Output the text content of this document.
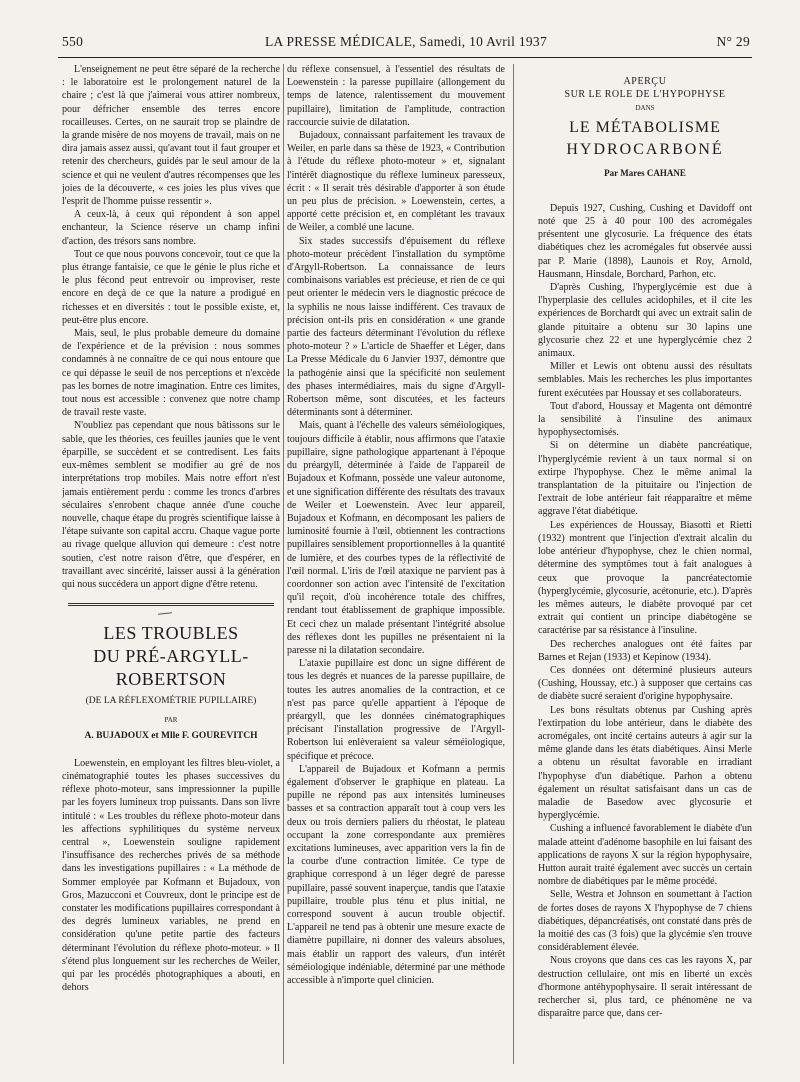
550	LA PRESSE MÉDICALE, Samedi, 10 Avril 1937	N° 29

L'enseignement ne peut être séparé de la recherche : le laboratoire est le prolongement naturel de la chaire ; c'est là que j'aimerai vous attirer nombreux, pour défricher ensemble des terres encore rocailleuses. Certes, on ne saurait trop se plaindre de la grande misère de nos moyens de travail, mais on ne dira jamais assez aussi, qu'avant tout il faut grouper et retenir des chercheurs, guidés par le seul amour de la science et qui ne veulent d'autres récompenses que les joies de la découverte, « ces joies les plus vives que l'esprit de l'homme puisse ressentir ».

A ceux-là, à ceux qui répondent à son appel enchanteur, la Science réserve un champ infini d'action, des trésors sans nombre.

Tout ce que nous pouvons concevoir, tout ce que la plus étrange fantaisie, ce que le génie le plus riche et le plus fécond peut entrevoir ou improviser, reste encore en deçà de ce que la nature a prodigué en richesses et en diversités : tout le possible existe, et, peut-être plus encore.

Mais, seul, le plus probable demeure du domaine de l'expérience et de la prévision : nous sommes condamnés à ne connaître de ce qui nous entoure que ce qui dépasse le seuil de nos perceptions et n'excède pas les bornes de notre imagination. Entre ces limites, tout nous est accessible : convenez que notre champ de travail reste vaste.

N'oubliez pas cependant que nous bâtissons sur le sable, que les théories, ces feuilles jaunies que le vent éparpille, se succèdent et se contredisent. Les faits eux-mêmes semblent se modifier au gré de nos interprétations trop mobiles. Mais notre effort n'est jamais entièrement perdu : comme les troncs d'arbres séculaires s'enrobent chaque année d'une couche nouvelle, chaque étape du progrès scientifique laisse à l'étape suivante son capital accru. Chaque vague porte au rivage quelque alluvion qui demeure : c'est notre soutien, c'est notre raison d'être, que d'espérer, en travaillant avec sincérité, laisser aussi à la génération qui nous succédera un apport digne d'être retenu.

LES TROUBLES
DU PRÉ-ARGYLL-ROBERTSON
(DE LA RÉFLEXOMÉTRIE PUPILLAIRE)
PAR
A. BUJADOUX et Mlle F. GOUREVITCH

Loewenstein, en employant les filtres bleu-violet, a cinématographié toutes les phases successives du réflexe photo-moteur, sans impressionner la pupille par les foyers lumineux trop puissants. Dans son livre intitulé : « Les troubles du réflexe photo-moteur dans les affections syphilitiques du système nerveux central », Loewenstein souligne rapidement l'insuffisance des recherches privés de sa méthode dans les investigations pupillaires : « La méthode de Sommer employée par Kofmann et Bujadoux, von Gros, Mazucconi et Couvreux, dont le principe est de constater les modifications pupillaires correspondant à des degrés lumineux variables, ne prend en considération qu'une petite partie des facteurs déterminant l'évolution du réflexe photo-moteur. » Il s'étend plus longuement sur les recherches de Weiler, qui par les procédés photographiques a abouti, en dehors

du réflexe consensuel, à l'essentiel des résultats de Loewenstein : la paresse pupillaire (allongement du temps de latence, ralentissement du mouvement pupillaire), limitation de l'amplitude, contraction raccourcie suivie de dilatation.

Bujadoux, connaissant parfaitement les travaux de Weiler, en parle dans sa thèse de 1923, « Contribution à l'étude du réflexe photo-moteur » et, signalant l'intérêt diagnostique du réflexe lumineux paresseux, écrit : « Il serait très désirable d'apporter à son étude un peu plus de précision. » Loewenstein, certes, a apporté cette précision et, en complétant les travaux de Weiler, a comblé une lacune.

Six stades successifs d'épuisement du réflexe photo-moteur précèdent l'installation du symptôme d'Argyll-Robertson. La connaissance de leurs combinaisons variables est précieuse, et rien de ce qui peut orienter le médecin vers le diagnostic précoce de la syphilis ne nous laisse indifférent. Ces travaux de précision ont-ils pris en considération « une grande partie des facteurs déterminant l'évolution du réflexe photo-moteur ? » L'article de Shaeffer et Léger, dans La Presse Médicale du 6 Janvier 1937, démontre que la pathogénie ainsi que la spécificité non seulement des phases intermédiaires, mais du signe d'Argyll-Robertson même, sont discutées, et les facteurs déterminants sont à déterminer.

Mais, quant à l'échelle des valeurs séméiologiques, toujours difficile à établir, nous affirmons que l'ataxie pupillaire, signe pathologique appartenant à l'époque du préargyll, déterminée à l'aide de l'appareil de Bujadoux et Kofmann, possède une valeur autonome, et une signification différente des résultats des travaux de Weiler et Loewenstein. Avec leur appareil, Bujadoux et Kofmann, en décomposant les paliers de luminosité fournie à l'œil, obtiennent les contractions pupillaires sensiblement proportionnelles à la quantité de lumière, et des courbes types de la réflectivité de l'œil normal. L'iris de l'œil ataxique ne parvient pas à coordonner son action avec l'intensité de l'excitation qu'il reçoit, d'où incohérence totale des chiffres, rendant tout établissement de graphique impossible. Et ceci chez un malade présentant l'intégrité absolue des réflexes dont les pupilles ne présentaient ni la paresse ni la dilatation secondaire.

L'ataxie pupillaire est donc un signe différent de tous les degrés et nuances de la paresse pupillaire, de toutes les autres anomalies de la contraction, et ce n'est pas parce qu'elle appartient à l'époque de préargyll, que les données cinématographiques précisant l'installation progressive de l'Argyll-Robertson lui enlèveraient sa valeur séméiologique, spécifique et précoce.

L'appareil de Bujadoux et Kofmann a permis également d'observer le graphique en plateau. La pupille ne répond pas aux intensités lumineuses basses et sa contraction apparaît tout à coup vers les deux ou trois derniers paliers du rhéostat, le plateau occupant la zone correspondante aux premières excitations lumineuses, avec apparition vers la fin de la courbe d'une contraction limitée. Ce type de graphique correspond à un léger degré de paresse pupillaire, passé souvent inaperçue, tandis que l'ataxie pupillaire, trouble plus ténu et plus initial, ne correspond souvent à aucun trouble objectif. L'appareil ne tend pas à obtenir une mesure exacte de diamètre pupillaire, ni donner des valeurs absolues, mais établir un rapport des valeurs, d'un intérêt séméiologique indéniable, déterminé par une méthode accessible à n'importe quel clinicien.

APERÇU
SUR LE ROLE DE L'HYPOPHYSE
DANS
LE MÉTABOLISME
HYDROCARBONÉ
Par Mares CAHANE

Depuis 1927, Cushing, Cushing et Davidoff ont noté que 25 à 40 pour 100 des acromégales présentent une glycosurie. La fréquence des états diabétiques chez les acromégales fut observée aussi par P. Marie (1898), Launois et Roy, Arnold, Hausmann, Hinsdale, Borchard, Parhon, etc.

D'après Cushing, l'hyperglycémie est due à l'hyperplasie des cellules acidophiles, et il cite les expériences de Borchardt qui avec un extrait salin de glande pituitaire a obtenu sur 30 lapins une glycosurie chez 22 et une hyperglycémie chez 2 animaux.

Miller et Lewis ont obtenu aussi des résultats semblables. Mais les recherches les plus importantes furent exécutées par Houssay et ses collaborateurs.

Tout d'abord, Houssay et Magenta ont démontré la sensibilité à l'insuline des animaux hypophysectomisés.

Si on détermine un diabète pancréatique, l'hyperglycémie revient à un taux normal si on extirpe l'hypophyse. Chez le même animal la transplantation de la pituitaire ou l'injection de l'extrait de lobe antérieur fait réapparaître et même aggrave l'état diabétique.

Les expériences de Houssay, Biasotti et Rietti (1932) montrent que l'injection d'extrait alcalin du lobe antérieur d'hypophyse, chez le chien normal, détermine des symptômes tout à fait analogues à ceux que provoque la pancréatectomie (hyperglycémie, glycosurie, acétonurie, etc.). D'après les mêmes auteurs, le diabète provoqué par cet extrait qui contient un principe diabétogène se caractérise par sa résistance à l'insuline.

Des recherches analogues ont été faites par Barnes et Rejan (1933) et Kepinow (1934).

Ces données ont déterminé plusieurs auteurs (Cushing, Houssay, etc.) à supposer que certains cas de diabète sucré seraient d'origine hypophysaire.

Les bons résultats obtenus par Cushing après l'extirpation du lobe antérieur, dans le diabète des acromégales, ont incité certains auteurs à agir sur la même glande dans les états diabétiques. Ainsi Merle a obtenu un résultat favorable en irradiant l'hypophyse d'un diabétique. Parhon a obtenu également un résultat satisfaisant dans un cas de maladie de Basedow avec glycosurie et hyperglycémie.

Cushing a influencé favorablement le diabète d'un malade atteint d'adénome basophile en lui faisant des applications de rayons X sur la région hypophysaire, Hutton aurait traité également avec succès un certain nombre de diabétiques par le même procédé.

Selle, Westra et Johnson en soumettant à l'action de fortes doses de rayons X l'hypophyse de 7 chiens diabétiques, dépancréatisés, ont constaté dans près de la moitié des cas (3 fois) que la glycémie s'en trouve considérablement élevée.

Nous croyons que dans ces cas les rayons X, par destruction cellulaire, ont mis en liberté un excès d'hormone antéhypophysaire. Il serait intéressant de rechercher si, plus tard, ce phénomène ne va disparaître parce que, dans cer-
